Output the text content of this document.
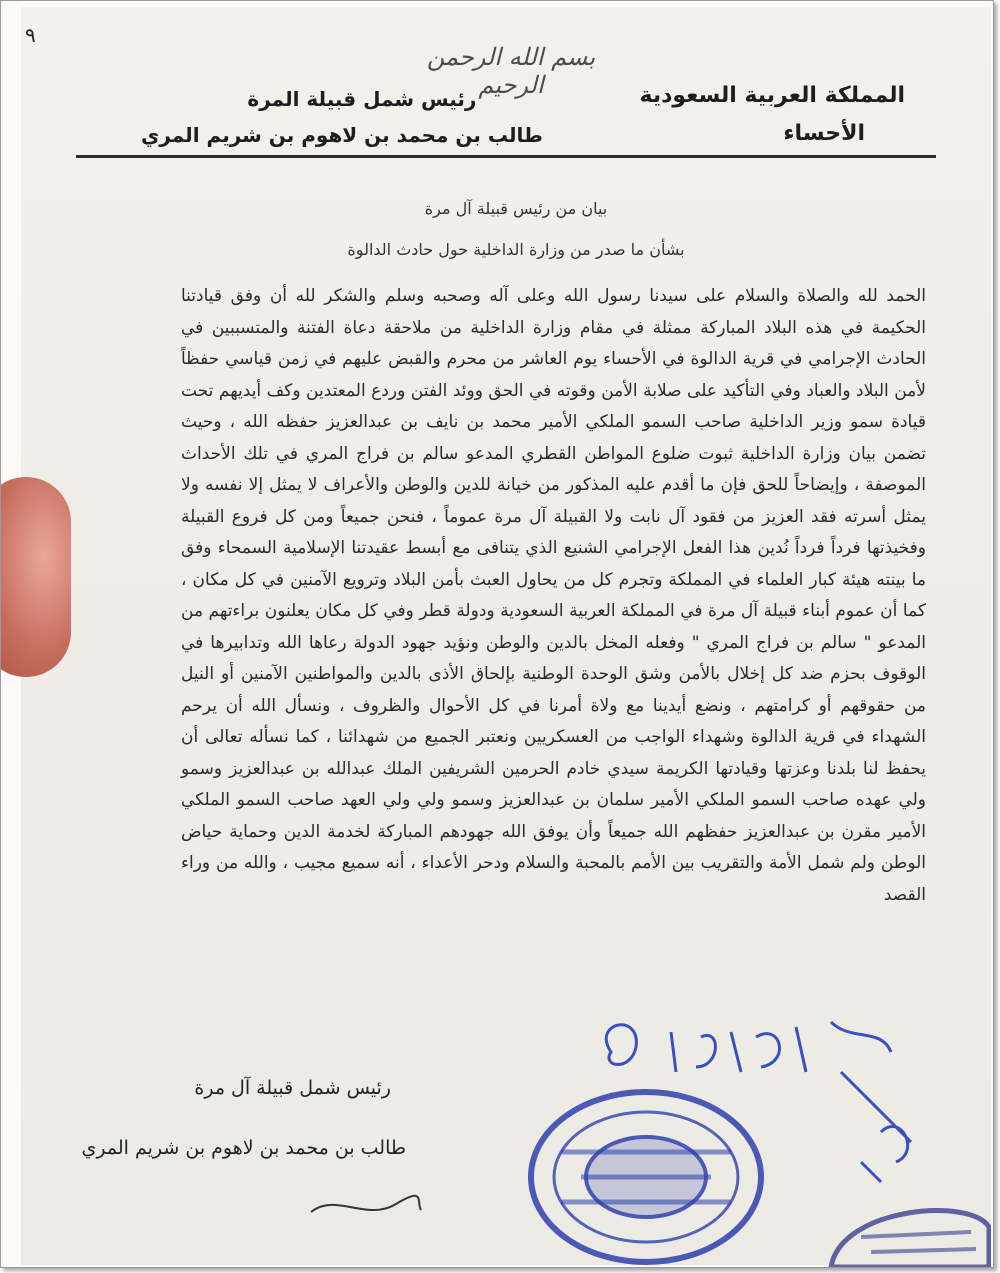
٩
بسم الله الرحمن الرحيم	المملكة العربية السعودية
الأحساء
رئيس شمل قبيلة المرة
طالب بن محمد بن لاهوم بن شريم المري
بيان من رئيس قبيلة آل مرة
بشأن ما صدر من وزارة الداخلية حول حادث الدالوة

الحمد لله والصلاة والسلام على سيدنا رسول الله وعلى آله وصحبه وسلم والشكر لله أن وفق قيادتنا الحكيمة في هذه البلاد المباركة ممثلة في مقام وزارة الداخلية من ملاحقة دعاة الفتنة والمتسببين في الحادث الإجرامي في قرية الدالوة في الأحساء يوم العاشر من محرم والقبض عليهم في زمن قياسي حفظاً لأمن البلاد والعباد وفي التأكيد على صلابة الأمن وقوته في الحق ووئد الفتن وردع المعتدين وكف أيديهم تحت قيادة سمو وزير الداخلية صاحب السمو الملكي الأمير محمد بن نايف بن عبدالعزيز حفظه الله ، وحيث تضمن بيان وزارة الداخلية ثبوت ضلوع المواطن القطري المدعو سالم بن فراج المري في تلك الأحداث الموصفة ، وإيضاحاً للحق فإن ما أقدم عليه المذكور من خيانة للدين والوطن والأعراف لا يمثل إلا نفسه ولا يمثل أسرته فقد العزيز من فقود آل نابت ولا القبيلة آل مرة عموماً ، فنحن جميعاً ومن كل فروع القبيلة وفخيذتها فرداً فرداً نُدين هذا الفعل الإجرامي الشنيع الذي يتنافى مع أبسط عقيدتنا الإسلامية السمحاء وفق ما بينته هيئة كبار العلماء في المملكة وتجرم كل من يحاول العبث بأمن البلاد وترويع الآمنين في كل مكان ، كما أن عموم أبناء قبيلة آل مرة في المملكة العربية السعودية ودولة قطر وفي كل مكان يعلنون براءتهم من المدعو " سالم بن فراج المري " وفعله المخل بالدين والوطن ونؤيد جهود الدولة رعاها الله وتدابيرها في الوقوف بحزم ضد كل إخلال بالأمن وشق الوحدة الوطنية بإلحاق الأذى بالدين والمواطنين الآمنين أو النيل من حقوقهم أو كرامتهم ، ونضع أيدينا مع ولاة أمرنا في كل الأحوال والظروف ، ونسأل الله أن يرحم الشهداء في قرية الدالوة وشهداء الواجب من العسكريين ونعتبر الجميع من شهدائنا ، كما نسأله تعالى أن يحفظ لنا بلدنا وعزتها وقيادتها الكريمة سيدي خادم الحرمين الشريفين الملك عبدالله بن عبدالعزيز وسمو ولي عهده صاحب السمو الملكي الأمير سلمان بن عبدالعزيز وسمو ولي ولي العهد صاحب السمو الملكي الأمير مقرن بن عبدالعزيز حفظهم الله جميعاً وأن يوفق الله جهودهم المباركة لخدمة الدين وحماية حياض الوطن ولم شمل الأمة والتقريب بين الأمم بالمحبة والسلام ودحر الأعداء ، أنه سميع مجيب ، والله من وراء القصد

رئيس شمل قبيلة آل مرة
طالب بن محمد بن لاهوم بن شريم المري
